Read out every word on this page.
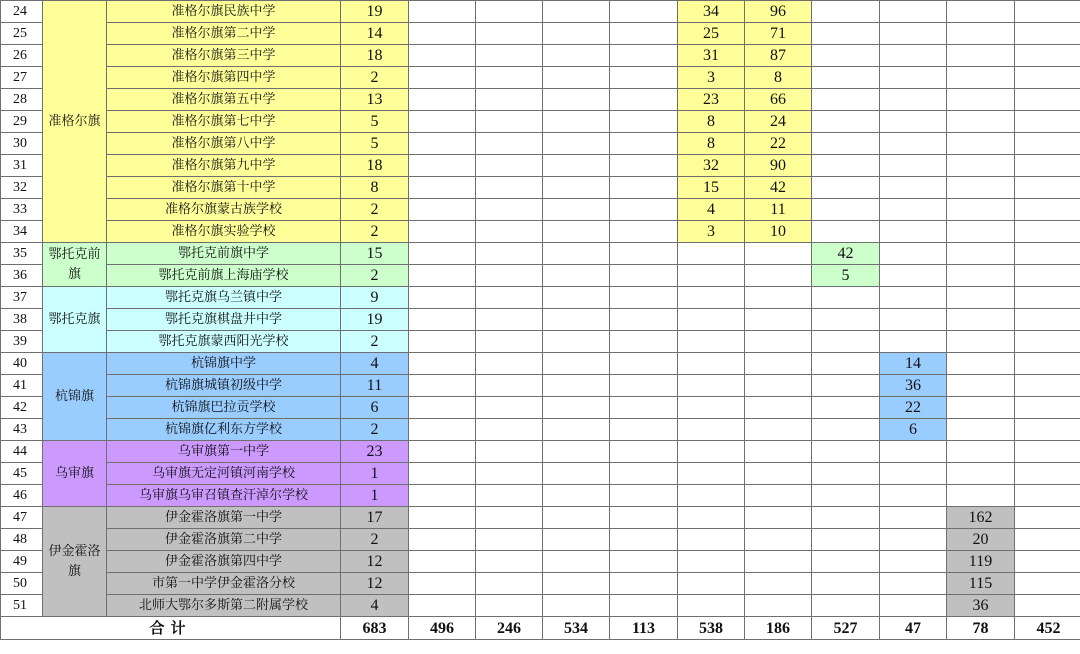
24	准格尔旗	准格尔旗民族中学	19					34	96				
25		准格尔旗第二中学	14					25	71				
26		准格尔旗第三中学	18					31	87				
27		准格尔旗第四中学	2					3	8				
28		准格尔旗第五中学	13					23	66				
29		准格尔旗第七中学	5					8	24				
30		准格尔旗第八中学	5					8	22				
31		准格尔旗第九中学	18					32	90				
32		准格尔旗第十中学	8					15	42				
33		准格尔旗蒙古族学校	2					4	11				
34		准格尔旗实验学校	2					3	10				
35	鄂托克前旗	鄂托克前旗中学	15							42			
36		鄂托克前旗上海庙学校	2							5			
37	鄂托克旗	鄂托克旗乌兰镇中学	9										
38		鄂托克旗棋盘井中学	19										
39		鄂托克旗蒙西阳光学校	2										
40	杭锦旗	杭锦旗中学	4								14		
41		杭锦旗城镇初级中学	11								36		
42		杭锦旗巴拉贡学校	6								22		
43		杭锦旗亿利东方学校	2								6		
44	乌审旗	乌审旗第一中学	23										
45		乌审旗无定河镇河南学校	1										
46		乌审旗乌审召镇查汗淖尔学校	1										
47	伊金霍洛旗	伊金霍洛旗第一中学	17									162	
48		伊金霍洛旗第二中学	2									20	
49		伊金霍洛旗第四中学	12									119	
50		市第一中学伊金霍洛分校	12									115	
51		北师大鄂尔多斯第二附属学校	4									36	
合计			683	496	246	534	113	538	186	527	47	78	452
